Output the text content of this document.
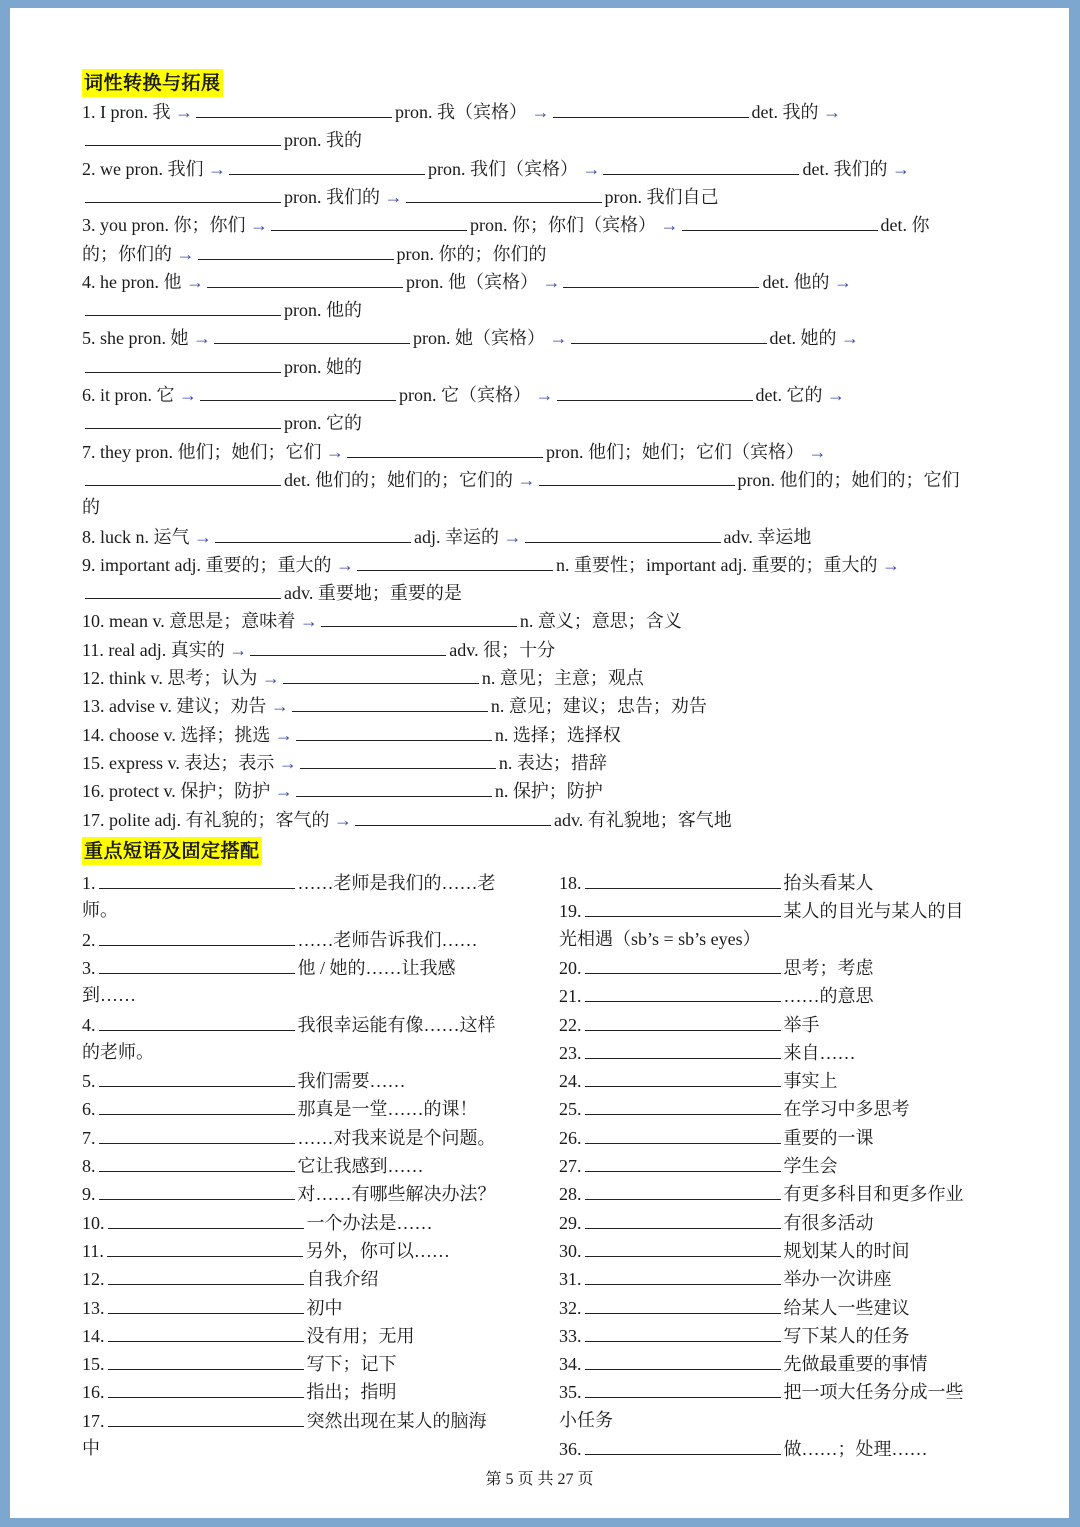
词性转换与拓展
1. I pron. 我 →	pron. 我（宾格） →	det. 我的 →
pron. 我的
2. we pron. 我们 →	pron. 我们（宾格） →	det. 我们的 →
pron. 我们的 →	pron. 我们自己
3. you pron. 你；你们 →	pron. 你；你们（宾格） →	det. 你
的；你们的 →	pron. 你的；你们的
4. he pron. 他 →	pron. 他（宾格） →	det. 他的 →
pron. 他的
5. she pron. 她 →	pron. 她（宾格） →	det. 她的 →
pron. 她的
6. it pron. 它 →	pron. 它（宾格） →	det. 它的 →
pron. 它的
7. they pron. 他们；她们；它们 →	pron. 他们；她们；它们（宾格） →
det. 他们的；她们的；它们的 →	pron. 他们的；她们的；它们
的
8. luck n. 运气 →	adj. 幸运的 →	adv. 幸运地
9. important adj. 重要的；重大的 →	n. 重要性；important adj. 重要的；重大的 →
adv. 重要地；重要的是
10. mean v. 意思是；意味着 →	n. 意义；意思；含义
11. real adj. 真实的 →	adv. 很；十分
12. think v. 思考；认为 →	n. 意见；主意；观点
13. advise v. 建议；劝告 →	n. 意见；建议；忠告；劝告
14. choose v. 选择；挑选 →	n. 选择；选择权
15. express v. 表达；表示 →	n. 表达；措辞
16. protect v. 保护；防护 →	n. 保护；防护
17. polite adj. 有礼貌的；客气的 →	adv. 有礼貌地；客气地
重点短语及固定搭配
1.	……老师是我们的……老
师。
2.	……老师告诉我们……
3.	他 / 她的……让我感
到……
4.	我很幸运能有像……这样
的老师。
5.	我们需要……
6.	那真是一堂……的课！
7.	……对我来说是个问题。
8.	它让我感到……
9.	对……有哪些解决办法？
10.	一个办法是……
11.	另外，你可以……
12.	自我介绍
13.	初中
14.	没有用；无用
15.	写下；记下
16.	指出；指明
17.	突然出现在某人的脑海
中
18.	抬头看某人
19.	某人的目光与某人的目
光相遇（sb’s = sb’s eyes）
20.	思考；考虑
21.	……的意思
22.	举手
23.	来自……
24.	事实上
25.	在学习中多思考
26.	重要的一课
27.	学生会
28.	有更多科目和更多作业
29.	有很多活动
30.	规划某人的时间
31.	举办一次讲座
32.	给某人一些建议
33.	写下某人的任务
34.	先做最重要的事情
35.	把一项大任务分成一些
小任务
36.	做……；处理……
第 5 页 共 27 页
